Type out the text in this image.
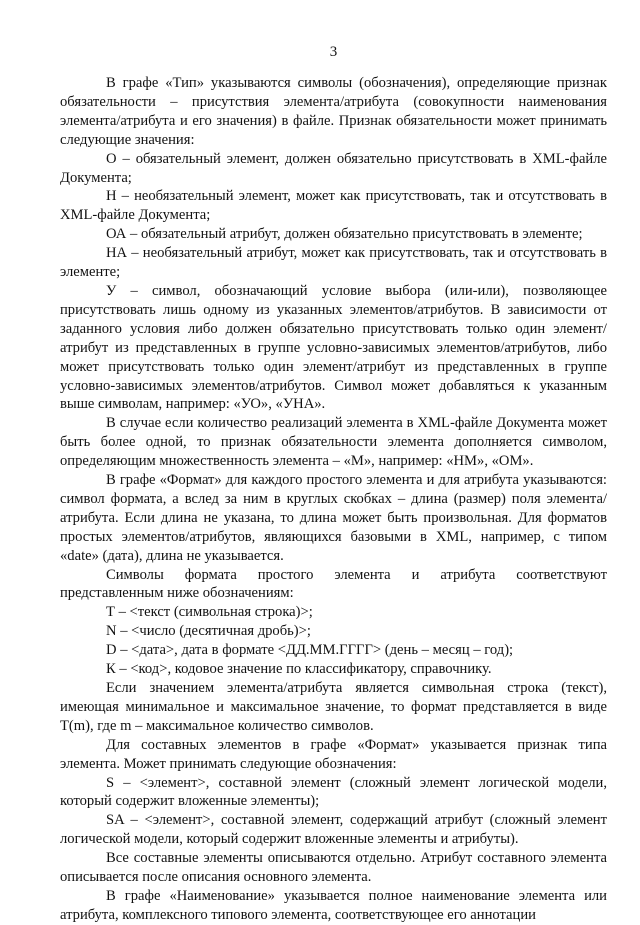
3

В графе «Тип» указываются символы (обозначения), определяющие признак обязательности – присутствия элемента/атрибута (совокупности наименования элемента/атрибута и его значения) в файле. Признак обязательности может принимать следующие значения:

О – обязательный элемент, должен обязательно присутствовать в XML-файле Документа;

Н – необязательный элемент, может как присутствовать, так и отсутствовать в XML-файле Документа;

ОА – обязательный атрибут, должен обязательно присутствовать в элементе;

НА – необязательный атрибут, может как присутствовать, так и отсутствовать в элементе;

У – символ, обозначающий условие выбора (или-или), позволяющее присутствовать лишь одному из указанных элементов/атрибутов. В зависимости от заданного условия либо должен обязательно присутствовать только один элемент/атрибут из представленных в группе условно-зависимых элементов/атрибутов, либо может присутствовать только один элемент/атрибут из представленных в группе условно-зависимых элементов/атрибутов. Символ может добавляться к указанным выше символам, например: «УО», «УНА».

В случае если количество реализаций элемента в XML-файле Документа может быть более одной, то признак обязательности элемента дополняется символом, определяющим множественность элемента – «М», например: «НМ», «ОМ».

В графе «Формат» для каждого простого элемента и для атрибута указываются: символ формата, а вслед за ним в круглых скобках – длина (размер) поля элемента/атрибута. Если длина не указана, то длина может быть произвольная. Для форматов простых элементов/атрибутов, являющихся базовыми в XML, например, с типом «date» (дата), длина не указывается.

Символы формата простого элемента и атрибута соответствуют представленным ниже обозначениям:

Т – <текст (символьная строка)>;

N – <число (десятичная дробь)>;

D – <дата>, дата в формате <ДД.ММ.ГГГГ> (день – месяц – год);

К – <код>, кодовое значение по классификатору, справочнику.

Если значением элемента/атрибута является символьная строка (текст), имеющая минимальное и максимальное значение, то формат представляется в виде T(m), где m – максимальное количество символов.

Для составных элементов в графе «Формат» указывается признак типа элемента. Может принимать следующие обозначения:

S – <элемент>, составной элемент (сложный элемент логической модели, который содержит вложенные элементы);

SA – <элемент>, составной элемент, содержащий атрибут (сложный элемент логической модели, который содержит вложенные элементы и атрибуты).

Все составные элементы описываются отдельно. Атрибут составного элемента описывается после описания основного элемента.

В графе «Наименование» указывается полное наименование элемента или атрибута, комплексного типового элемента, соответствующее его аннотации
